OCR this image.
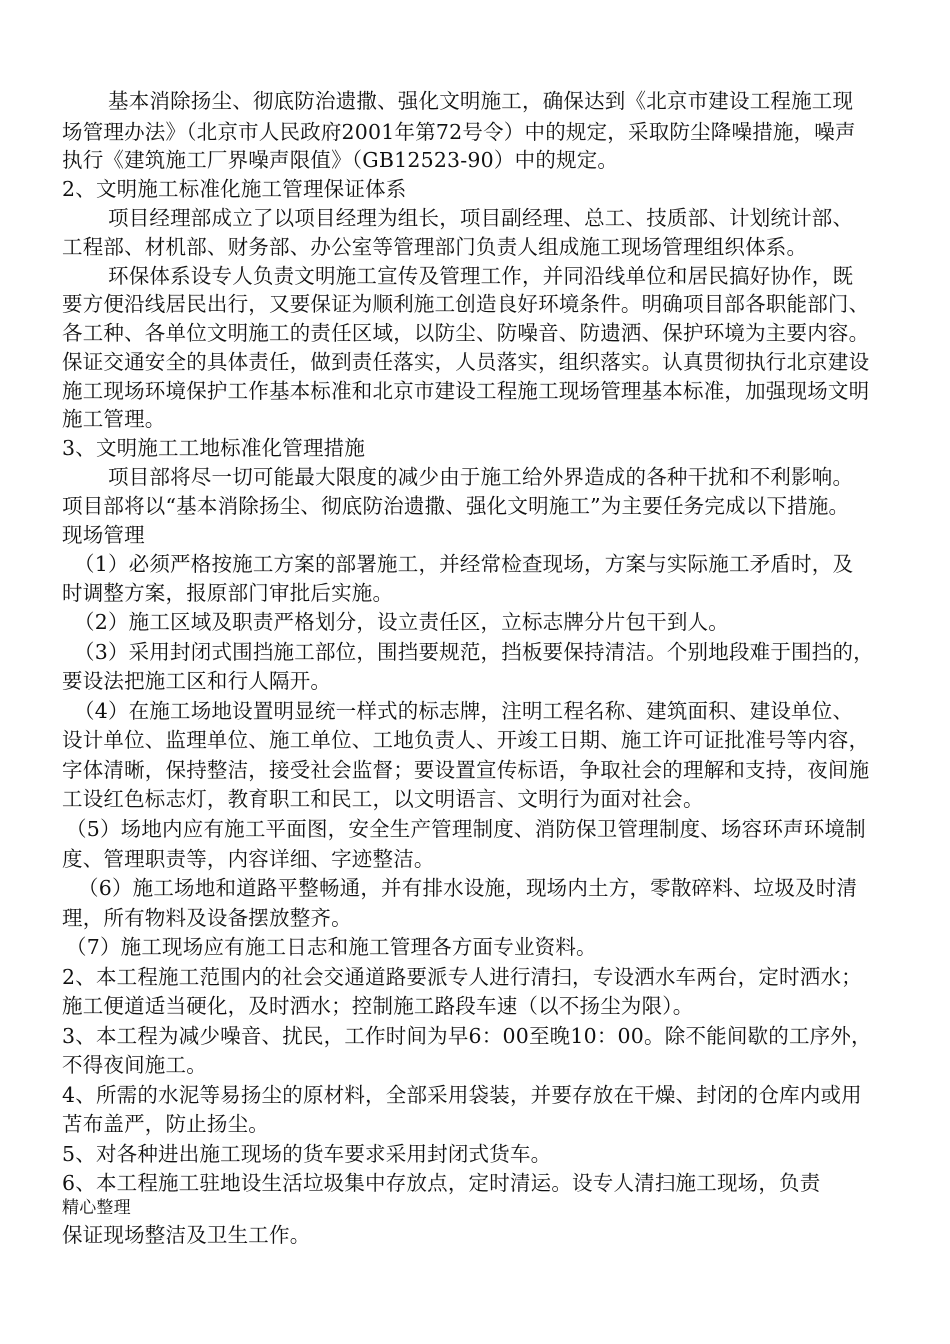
基本消除扬尘、彻底防治遗撒、强化文明施工，确保达到《北京市建设工程施工现
场管理办法》（北京市人民政府2001年第72号令）中的规定，采取防尘降噪措施，噪声
执行《建筑施工厂界噪声限值》（GB12523-90）中的规定。
2、文明施工标准化施工管理保证体系
项目经理部成立了以项目经理为组长，项目副经理、总工、技质部、计划统计部、
工程部、材机部、财务部、办公室等管理部门负责人组成施工现场管理组织体系。
环保体系设专人负责文明施工宣传及管理工作，并同沿线单位和居民搞好协作，既
要方便沿线居民出行，又要保证为顺利施工创造良好环境条件。明确项目部各职能部门、
各工种、各单位文明施工的责任区域，以防尘、防噪音、防遗洒、保护环境为主要内容。
保证交通安全的具体责任，做到责任落实，人员落实，组织落实。认真贯彻执行北京建设
施工现场环境保护工作基本标准和北京市建设工程施工现场管理基本标准，加强现场文明
施工管理。
3、文明施工工地标准化管理措施
项目部将尽一切可能最大限度的减少由于施工给外界造成的各种干扰和不利影响。
项目部将以“基本消除扬尘、彻底防治遗撒、强化文明施工”为主要任务完成以下措施。
现场管理
（1）必须严格按施工方案的部署施工，并经常检查现场，方案与实际施工矛盾时，及
时调整方案，报原部门审批后实施。
（2）施工区域及职责严格划分，设立责任区，立标志牌分片包干到人。
（3）采用封闭式围挡施工部位，围挡要规范，挡板要保持清洁。个别地段难于围挡的，
要设法把施工区和行人隔开。
（4）在施工场地设置明显统一样式的标志牌，注明工程名称、建筑面积、建设单位、
设计单位、监理单位、施工单位、工地负责人、开竣工日期、施工许可证批准号等内容，
字体清晰，保持整洁，接受社会监督；要设置宣传标语，争取社会的理解和支持，夜间施
工设红色标志灯，教育职工和民工，以文明语言、文明行为面对社会。
（5）场地内应有施工平面图，安全生产管理制度、消防保卫管理制度、场容环声环境制
度、管理职责等，内容详细、字迹整洁。
（6）施工场地和道路平整畅通，并有排水设施，现场内土方，零散碎料、垃圾及时清
理，所有物料及设备摆放整齐。
（7）施工现场应有施工日志和施工管理各方面专业资料。
2、本工程施工范围内的社会交通道路要派专人进行清扫，专设洒水车两台，定时洒水；
施工便道适当硬化，及时洒水；控制施工路段车速（以不扬尘为限）。
3、本工程为减少噪音、扰民，工作时间为早6：00至晚10：00。除不能间歇的工序外，
不得夜间施工。
4、所需的水泥等易扬尘的原材料，全部采用袋装，并要存放在干燥、封闭的仓库内或用
苫布盖严，防止扬尘。
5、对各种进出施工现场的货车要求采用封闭式货车。
6、本工程施工驻地设生活垃圾集中存放点，定时清运。设专人清扫施工现场，负责
精心整理
保证现场整洁及卫生工作。
